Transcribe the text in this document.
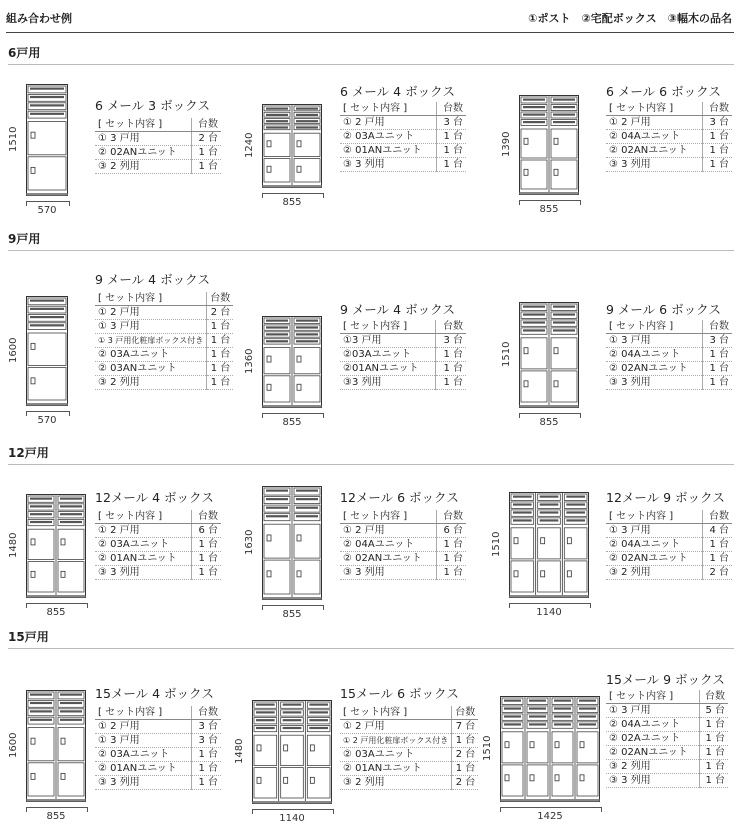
組み合わせ例	①ポスト　②宅配ボックス　③幅木の品名
6戸用
1510
570
6 メール 3 ボックス
[ セット内容 ]	台数
① 3 戸用	2 台
② 02ANユニット	1 台
③ 2 列用	1 台
1240
855
6 メール 4 ボックス
[ セット内容 ]	台数
① 2 戸用	3 台
② 03Aユニット	1 台
② 01ANユニット	1 台
③ 3 列用	1 台
1390
855
6 メール 6 ボックス
[ セット内容 ]	台数
① 2 戸用	3 台
② 04Aユニット	1 台
② 02ANユニット	1 台
③ 3 列用	1 台
9戸用
1600
570
9 メール 4 ボックス
[ セット内容 ]	台数
① 2 戸用	2 台
① 3 戸用	1 台
① 3 戸用化粧扉ボックス付き	1 台
② 03Aユニット	1 台
② 03ANユニット	1 台
③ 2 列用	1 台
1360
855
9 メール 4 ボックス
[ セット内容 ]	台数
①3 戸用	3 台
②03Aユニット	1 台
②01ANユニット	1 台
③3 列用	1 台
1510
855
9 メール 6 ボックス
[ セット内容 ]	台数
① 3 戸用	3 台
② 04Aユニット	1 台
② 02ANユニット	1 台
③ 3 列用	1 台
12戸用
1480
855
12メール 4 ボックス
[ セット内容 ]	台数
① 2 戸用	6 台
② 03Aユニット	1 台
② 01ANユニット	1 台
③ 3 列用	1 台
1630
855
12メール 6 ボックス
[ セット内容 ]	台数
① 2 戸用	6 台
② 04Aユニット	1 台
② 02ANユニット	1 台
③ 3 列用	1 台
1510
1140
12メール 9 ボックス
[ セット内容 ]	台数
① 3 戸用	4 台
② 04Aユニット	1 台
② 02ANユニット	1 台
③ 2 列用	2 台
15戸用
1600
855
15メール 4 ボックス
[ セット内容 ]	台数
① 2 戸用	3 台
① 3 戸用	3 台
② 03Aユニット	1 台
② 01ANユニット	1 台
③ 3 列用	1 台
1480
1140
15メール 6 ボックス
[ セット内容 ]	台数
① 2 戸用	7 台
① 2 戸用化粧扉ボックス付き	1 台
② 03Aユニット	2 台
② 01ANユニット	1 台
③ 2 列用	2 台
1510
1425
15メール 9 ボックス
[ セット内容 ]	台数
① 3 戸用	5 台
② 04Aユニット	1 台
② 02Aユニット	1 台
② 02ANユニット	1 台
③ 2 列用	1 台
③ 3 列用	1 台
